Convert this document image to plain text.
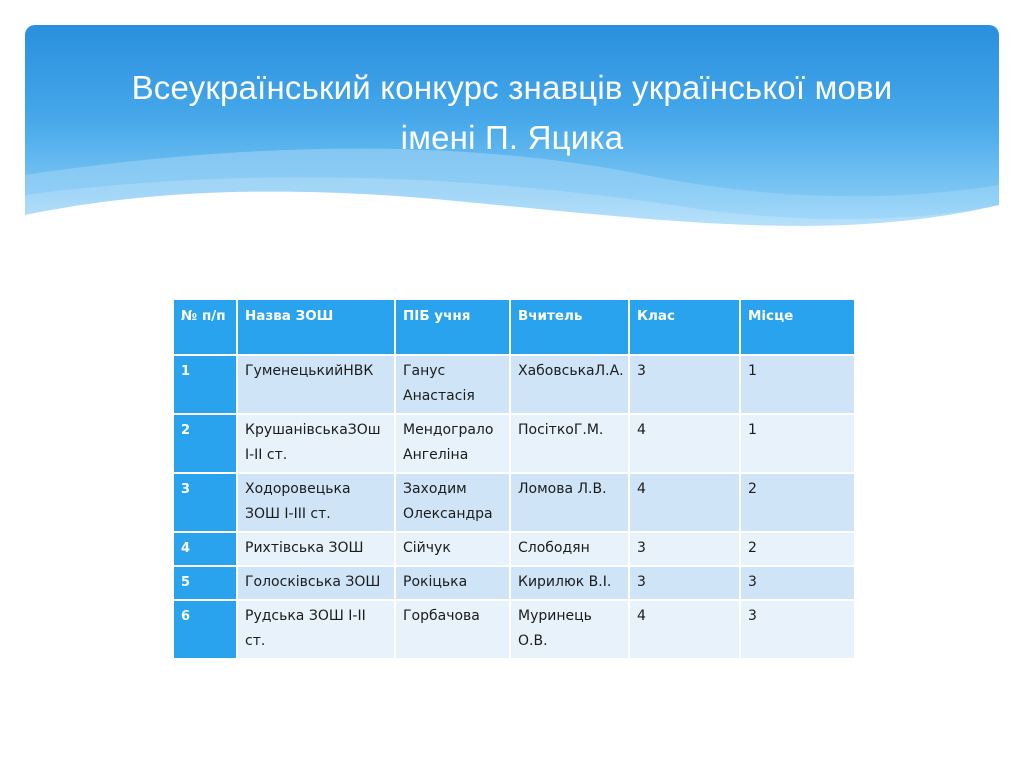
Всеукраїнський конкурс знавців української мови
імені П. Яцика
№ п/п	Назва ЗОШ	ПІБ учня	Вчитель	Клас	Місце
1	ГуменецькийНВК	Ганус Анастасія	ХабовськаЛ.А.	3	1
2	КрушанівськаЗОш І-ІІ ст.	Мендограло Ангеліна	ПосіткоГ.М.	4	1
3	Ходоровецька ЗОШ І-ІІІ ст.	Заходим Олександра	Ломова Л.В.	4	2
4	Рихтівська ЗОШ	Сійчук	Слободян	3	2
5	Голосківська ЗОШ	Рокіцька	Кирилюк В.І.	3	3
6	Рудська ЗОШ І-ІІ ст.	Горбачова	Муринець О.В.	4	3
